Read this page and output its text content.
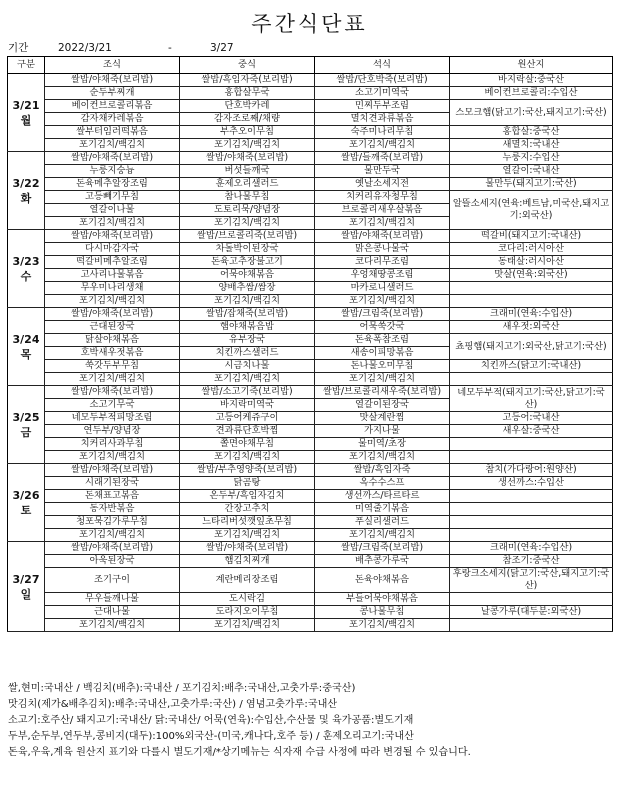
주간식단표
기간	2022/3/21	-	3/27
구분	조식	중식	석식	원산지

3/21
월	쌀밥/야채죽(보리밥)	쌀밥/흑임자죽(보리밥)	쌀밥/단호박죽(보리밥)	바지락살:중국산
	순두부찌개	홍합살무국	소고기미역국	베이컨브로콜리:수입산
	베이컨브로콜리볶음	단호박카레	민찌두부조림	스모크햄(닭고기:국산,돼지고기:국산)
	감자채카레볶음	감자조로째/채량	멸치견과류볶음	
	쌀부터임러떡볶음	부추오이무침	숙주미나리무침	홍합살:중국산
	포기김치/백김치	포기김치/백김치	포기김치/백김치	새멸치:국내산

3/22
화	쌀밥/야채죽(보리밥)	쌀밥/야채죽(보리밥)	쌀밥/들깨죽(보리밥)	누룽지:수입산
	누룽지숭늉	버섯들깨국	물만두국	열갈이:국내산
	돈육메추알장조림	훈제오리샐러드	옛날소세지전	물만두(돼지고기:국산)
	고등빼기무침	참나물무침	치커리유자청무침	알뜰소세지(연육:베트남,미국산,돼지고기:외국산)
	열갈이나물	도토리묵/양념장	브로콜리새우살볶음	
	포기김치/백김치	포기김치/백김치	포기김치/백김치	

3/23
수	쌀밥/야채죽(보리밥)	쌀밥/브로콜리죽(보리밥)	쌀밥/야채죽(보리밥)	떡갈비(돼지고기:국내산)
	다시마감자국	차돌박이된장국	맑은콩나물국	코다리:러시아산
	떡갈비메추알조림	돈육고추장불고기	코다리무조림	동태살:러시아산
	고사리나물볶음	어묵야채볶음	우엉채땅콩조림	맛살(연육:외국산)
	무우미나리생채	양배추쌈/쌈장	마카로니샐러드	
	포기김치/백김치	포기김치/백김치	포기김치/백김치	

3/24
목	쌀밥/야채죽(보리밥)	쌀밥/잡채죽(보리밥)	쌀밥/크림죽(보리밥)	크래미(연육:수입산)
	근대된장국	햄야채볶음밥	어묵쑥갓국	새우젓:외국산
	닭살야채볶음	유부장국	돈육폭참조림	쵸핑햄(돼지고기:외국산,닭고기:국산)
	호박새우젓볶음	치킨까스샐러드	새송이피망볶음	
	쑥갓두부무침	시금치나물	돈나물오미무침	치킨까스(닭고기:국내산)
	포기김치/백김치	포기김치/백김치	포기김치/백김치	

3/25
금	쌀밥/야채죽(보리밥)	쌀밥/소고기죽(보리밥)	쌀밥/브로콜리새우죽(보리밥)	네모두부적(돼지고기:국산,닭고기:국산)
	소고기무국	바지락미역국	열갈이된장국	
	네모두부적피망조림	고등어케쥬구이	맛살계란찜	고등어:국내산
	연두부/양념장	견과류단호박찜	가지나물	새우살:중국산
	치커리사과무침	쫄면야채무침	물미역/초장	
	포기김치/백김치	포기김치/백김치	포기김치/백김치	

3/26
토	쌀밥/야채죽(보리밥)	쌀밥/부추영양죽(보리밥)	쌀밥/흑임자죽	참치(가다랑어:원양산)
	시래기된장국	닭곰탕	옥수수스프	생선까스:수입산
	돈채표고볶음	온두부/흑임자김치	생선까스/타르타르	
	동자반볶음	간장고추치	미역줄기볶음	
	청포묵김가루무침	느타리버섯깻잎초무침	푸실리샐러드	
	포기김치/백김치	포기김치/백김치	포기김치/백김치	

3/27
일	쌀밥/야채죽(보리밥)	쌀밥/야채죽(보리밥)	쌀밥/크림죽(보리밥)	크래미(연육:수입산)
	아욱된장국	햄김치찌개	배추콩가루국	참조기:중국산
	조기구이	계란메리장조림	돈육야채볶음	후랑크소세지(닭고기:국산,돼지고기:국산)
	무우들깨나물	도시락김	부들어묵야채볶음	
	근대나물	도라지오이무침	콩나물무침	날콩가루(대두분:외국산)
	포기김치/백김치	포기김치/백김치	포기김치/백김치	
쌀,현미:국내산 / 백김치(배추):국내산 / 포기김치:배추:국내산,고춧가루:중국산)
맛김치(제가&배추김치):배추:국내산,고춧가루:국산) / 염념고춧가루:국내산
소고기:호주산/ 돼지고기:국내산/ 닭:국내산/ 어묵(연육):수입산,수산물 및 육가공품:별도기재
두부,순두부,연두부,콩비지(대두):100%외국산-(미국,캐나다,호주 등) / 훈제오리고기:국내산
돈육,우육,계육 원산지 표기와 다를시 별도기재/*상기메뉴는 식자재 수급 사정에 따라 변경될 수 있습니다.
